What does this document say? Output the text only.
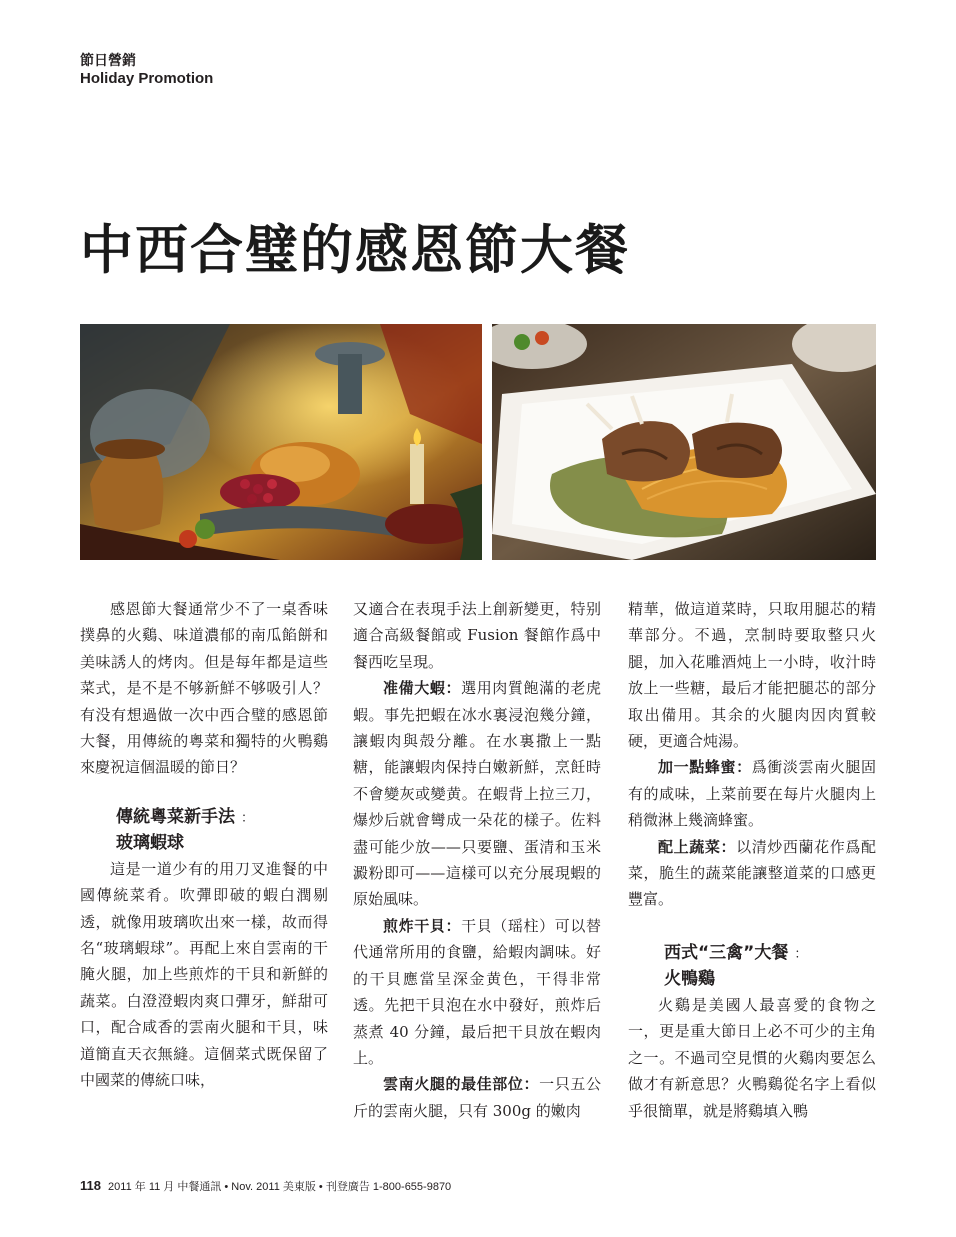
節日營銷
Holiday Promotion
中西合璧的感恩節大餐

感恩節大餐通常少不了一桌香味撲鼻的火鷄、味道濃郁的南瓜餡餅和美味誘人的烤肉。但是每年都是這些菜式，是不是不够新鮮不够吸引人？有没有想過做一次中西合璧的感恩節大餐，用傳統的粵菜和獨特的火鴨鷄來慶祝這個温暖的節日？

傳統粵菜新手法 ：
玻璃蝦球

這是一道少有的用刀叉進餐的中國傳統菜肴。吹彈即破的蝦白潤剔透，就像用玻璃吹出來一樣，故而得名“玻璃蝦球”。再配上來自雲南的干腌火腿，加上些煎炸的干貝和新鮮的蔬菜。白澄澄蝦肉爽口彈牙，鮮甜可口，配合咸香的雲南火腿和干貝，味道簡直天衣無縫。這個菜式既保留了中國菜的傳統口味，

又適合在表現手法上創新變更，特别適合高級餐館或 Fusion 餐館作爲中餐西吃呈現。

准備大蝦：選用肉質飽滿的老虎蝦。事先把蝦在冰水裏浸泡幾分鐘，讓蝦肉與殻分離。在水裏撒上一點糖，能讓蝦肉保持白嫩新鮮，烹飪時不會變灰或變黄。在蝦背上拉三刀，爆炒后就會彎成一朵花的樣子。佐料盡可能少放——只要鹽、蛋清和玉米澱粉即可——這樣可以充分展現蝦的原始風味。

煎炸干貝：干貝（瑶柱）可以替代通常所用的食鹽，給蝦肉調味。好的干貝應當呈深金黄色，干得非常透。先把干貝泡在水中發好，煎炸后蒸煮 40 分鐘，最后把干貝放在蝦肉上。

雲南火腿的最佳部位：一只五公斤的雲南火腿，只有 300g 的嫩肉

精華，做這道菜時，只取用腿芯的精華部分。不過，烹制時要取整只火腿，加入花雕酒炖上一小時，收汁時放上一些糖，最后才能把腿芯的部分取出備用。其余的火腿肉因肉質較硬，更適合炖湯。

加一點蜂蜜：爲衝淡雲南火腿固有的咸味，上菜前要在每片火腿肉上稍微淋上幾滴蜂蜜。

配上蔬菜：以清炒西蘭花作爲配菜，脆生的蔬菜能讓整道菜的口感更豐富。

西式“三禽”大餐 ：
火鴨鷄

火鷄是美國人最喜愛的食物之一，更是重大節日上必不可少的主角之一。不過司空見慣的火鷄肉要怎么做才有新意思？火鴨鷄從名字上看似乎很簡單，就是將鷄填入鴨

118 2011 年 11 月 中餐通訊 • Nov. 2011 美東版 • 刊登廣告 1-800-655-9870
